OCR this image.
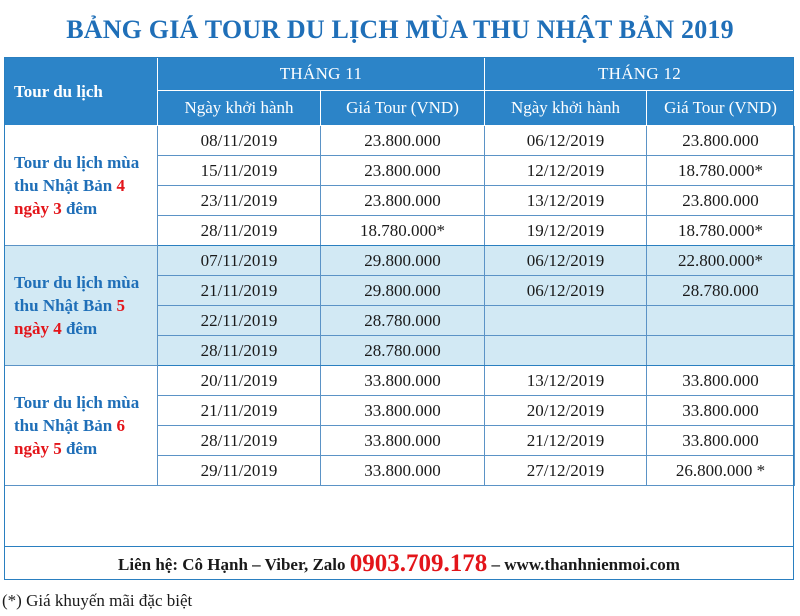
BẢNG GIÁ TOUR DU LỊCH MÙA THU NHẬT BẢN 2019
Tour du lịch	THÁNG 11		THÁNG 12	
	Ngày khởi hành	Giá Tour (VND)	Ngày khởi hành	Giá Tour (VND)
Tour du lịch mùa thu Nhật Bản 4 ngày 3 đêm	08/11/2019	23.800.000	06/12/2019	23.800.000
	15/11/2019	23.800.000	12/12/2019	18.780.000*
	23/11/2019	23.800.000	13/12/2019	23.800.000
	28/11/2019	18.780.000*	19/12/2019	18.780.000*
Tour du lịch mùa thu Nhật Bản 5 ngày 4 đêm	07/11/2019	29.800.000	06/12/2019	22.800.000*
	21/11/2019	29.800.000	06/12/2019	28.780.000
	22/11/2019	28.780.000		
	28/11/2019	28.780.000		
Tour du lịch mùa thu Nhật Bản 6 ngày 5 đêm	20/11/2019	33.800.000	13/12/2019	33.800.000
	21/11/2019	33.800.000	20/12/2019	33.800.000
	28/11/2019	33.800.000	21/12/2019	33.800.000
	29/11/2019	33.800.000	27/12/2019	26.800.000 *
Liên hệ: Cô Hạnh – Viber, Zalo 0903.709.178 – www.thanhnienmoi.com
(*) Giá khuyến mãi đặc biệt
